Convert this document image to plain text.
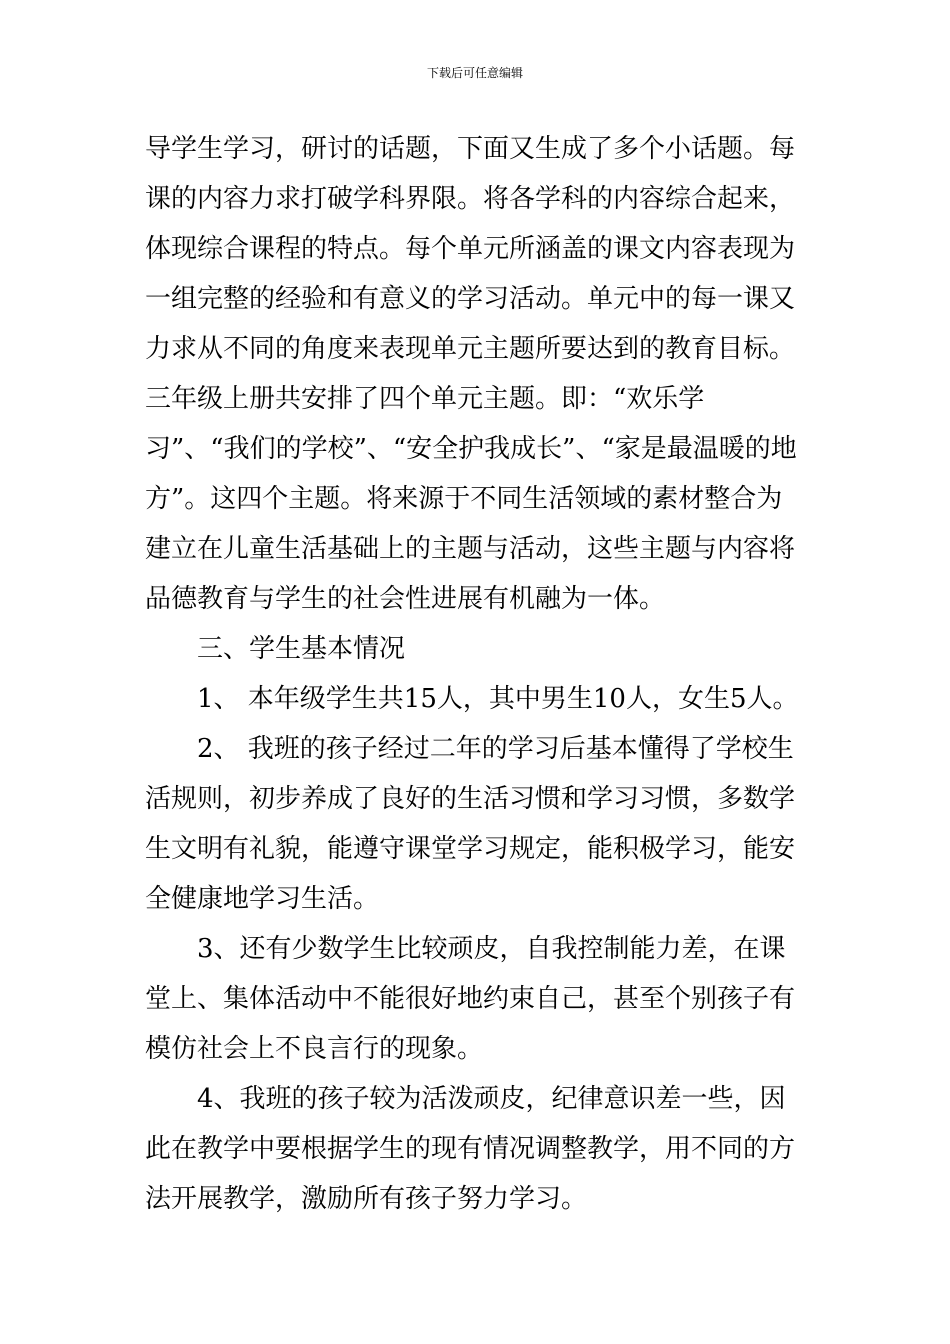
下载后可任意编辑

导学生学习，研讨的话题，下面又生成了多个小话题。每课的内容力求打破学科界限。将各学科的内容综合起来，体现综合课程的特点。每个单元所涵盖的课文内容表现为一组完整的经验和有意义的学习活动。单元中的每一课又力求从不同的角度来表现单元主题所要达到的教育目标。三年级上册共安排了四个单元主题。即：“欢乐学习”、“我们的学校”、“安全护我成长”、“家是最温暖的地方”。这四个主题。将来源于不同生活领域的素材整合为建立在儿童生活基础上的主题与活动，这些主题与内容将品德教育与学生的社会性进展有机融为一体。

三、学生基本情况

1、 本年级学生共15人，其中男生10人，女生5人。

2、 我班的孩子经过二年的学习后基本懂得了学校生活规则，初步养成了良好的生活习惯和学习习惯，多数学生文明有礼貌，能遵守课堂学习规定，能积极学习，能安全健康地学习生活。

3、还有少数学生比较顽皮，自我控制能力差，在课堂上、集体活动中不能很好地约束自己，甚至个别孩子有模仿社会上不良言行的现象。

4、我班的孩子较为活泼顽皮，纪律意识差一些，因此在教学中要根据学生的现有情况调整教学，用不同的方法开展教学，激励所有孩子努力学习。
